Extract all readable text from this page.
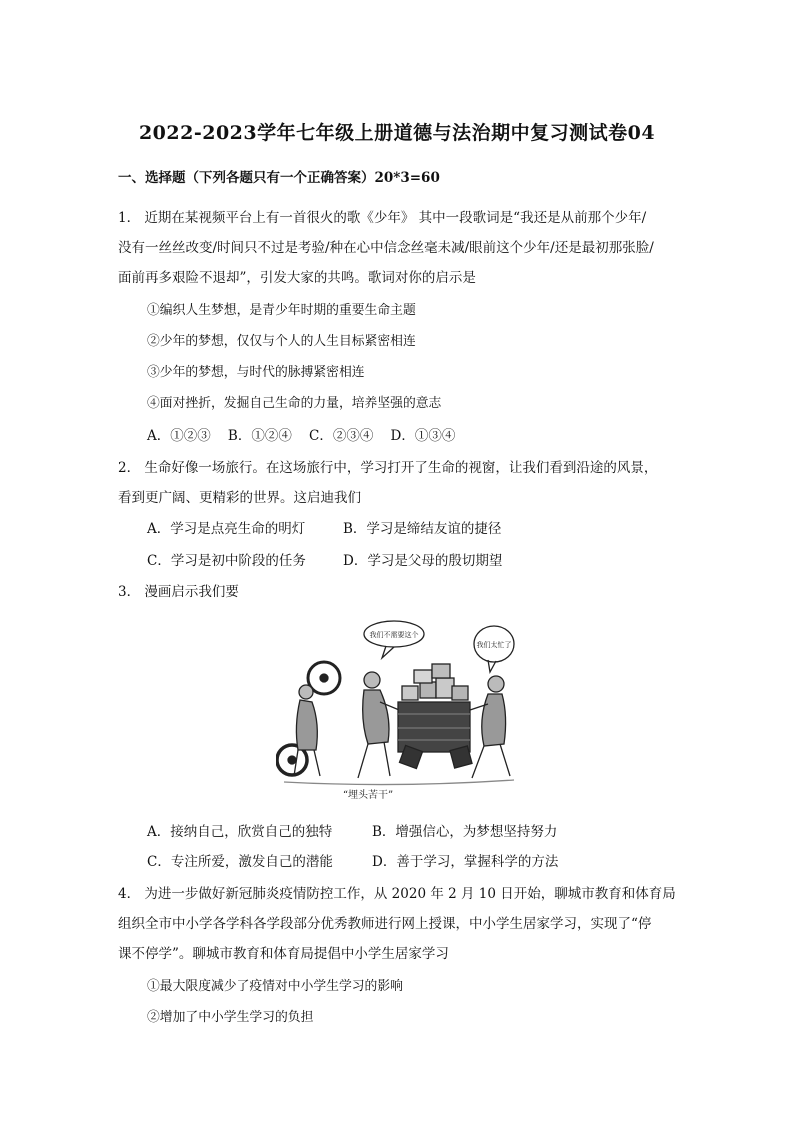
2022-2023学年七年级上册道德与法治期中复习测试卷04
一、选择题（下列各题只有一个正确答案）20*3=60
1． 近期在某视频平台上有一首很火的歌《少年》 其中一段歌词是“我还是从前那个少年/
没有一丝丝改变/时间只不过是考验/种在心中信念丝毫未减/眼前这个少年/还是最初那张脸/
面前再多艰险不退却”，引发大家的共鸣。歌词对你的启示是
①编织人生梦想，是青少年时期的重要生命主题
②少年的梦想，仅仅与个人的人生目标紧密相连
③少年的梦想，与时代的脉搏紧密相连
④面对挫折，发掘自己生命的力量，培养坚强的意志
A．①②③    B．①②④    C．②③④    D．①③④
2． 生命好像一场旅行。在这场旅行中，学习打开了生命的视窗，让我们看到沿途的风景，
看到更广阔、更精彩的世界。这启迪我们
A．学习是点亮生命的明灯	B．学习是缔结友谊的捷径
C．学习是初中阶段的任务	D．学习是父母的殷切期望
3． 漫画启示我们要
我们不需要这个
我们太忙了
“埋头苦干”
A．接纳自己，欣赏自己的独特	B．增强信心，为梦想坚持努力
C．专注所爱，激发自己的潜能	D．善于学习，掌握科学的方法
4． 为进一步做好新冠肺炎疫情防控工作，从 2020 年 2 月 10 日开始，聊城市教育和体育局
组织全市中小学各学科各学段部分优秀教师进行网上授课，中小学生居家学习，实现了“停
课不停学”。聊城市教育和体育局提倡中小学生居家学习
①最大限度减少了疫情对中小学生学习的影响
②增加了中小学生学习的负担
